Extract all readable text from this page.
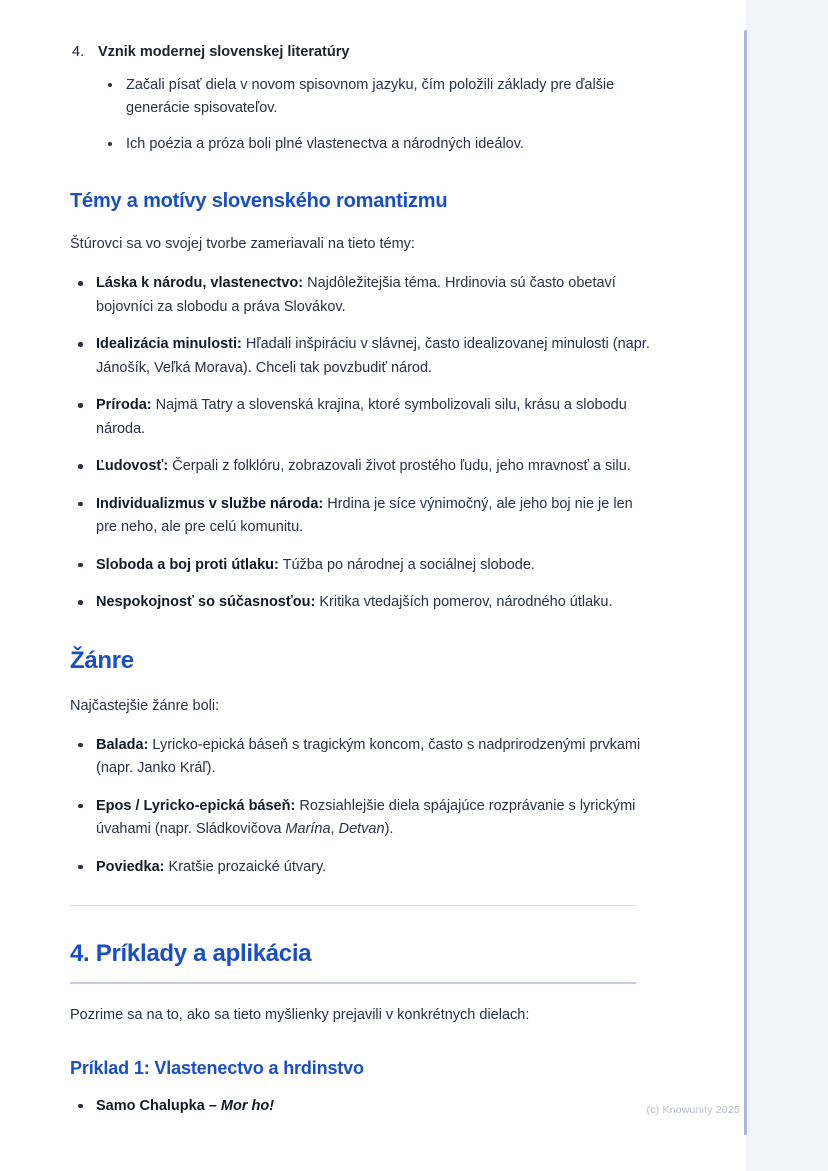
4. Vznik modernej slovenskej literatúry
Začali písať diela v novom spisovnom jazyku, čím položili základy pre ďalšie generácie spisovateľov.
Ich poézia a próza boli plné vlastenectva a národných ideálov.
Témy a motívy slovenského romantizmu

Štúrovci sa vo svojej tvorbe zameriavali na tieto témy:

Láska k národu, vlastenectvo: Najdôležitejšia téma. Hrdinovia sú často obetaví bojovníci za slobodu a práva Slovákov.
Idealizácia minulosti: Hľadali inšpiráciu v slávnej, často idealizovanej minulosti (napr. Jánošík, Veľká Morava). Chceli tak povzbudiť národ.
Príroda: Najmä Tatry a slovenská krajina, ktoré symbolizovali silu, krásu a slobodu národa.
Ľudovosť: Čerpali z folklóru, zobrazovali život prostého ľudu, jeho mravnosť a silu.
Individualizmus v službe národa: Hrdina je síce výnimočný, ale jeho boj nie je len pre neho, ale pre celú komunitu.
Sloboda a boj proti útlaku: Túžba po národnej a sociálnej slobode.
Nespokojnosť so súčasnosťou: Kritika vtedajších pomerov, národného útlaku.
Žánre

Najčastejšie žánre boli:

Balada: Lyricko-epická báseň s tragickým koncom, často s nadprirodzenými prvkami (napr. Janko Kráľ).
Epos / Lyricko-epická báseň: Rozsiahlejšie diela spájajúce rozprávanie s lyrickými úvahami (napr. Sládkovičova Marína, Detvan).
Poviedka: Kratšie prozaické útvary.
4. Príklady a aplikácia

Pozrime sa na to, ako sa tieto myšlienky prejavili v konkrétnych dielach:

Príklad 1: Vlastenectvo a hrdinstvo
Samo Chalupka – Mor ho!	(c) Knowunity 2025
